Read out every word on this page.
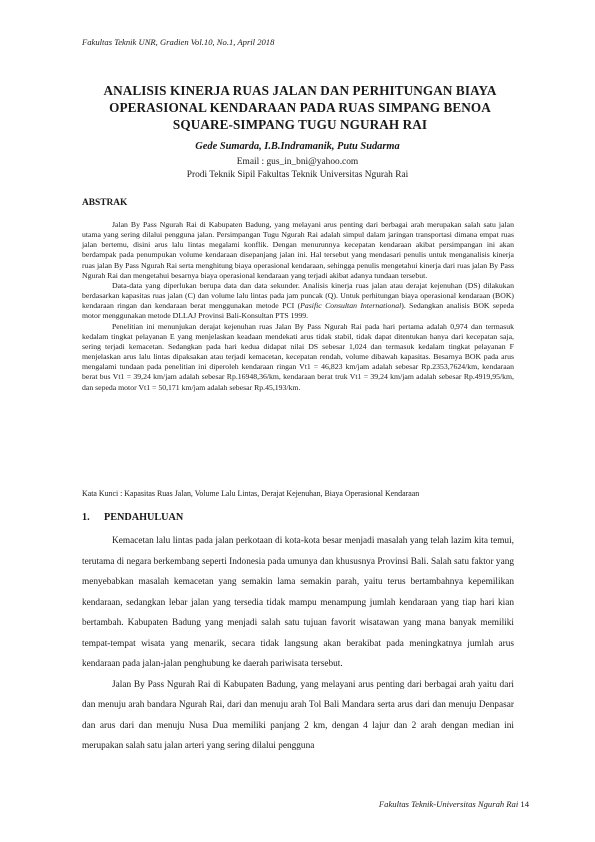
Fakultas Teknik UNR, Gradien Vol.10, No.1, April 2018
ANALISIS KINERJA RUAS JALAN DAN PERHITUNGAN BIAYA
OPERASIONAL KENDARAAN PADA RUAS SIMPANG BENOA
SQUARE-SIMPANG TUGU NGURAH RAI
Gede Sumarda, I.B.Indramanik, Putu Sudarma
Email : gus_in_bni@yahoo.com
Prodi Teknik Sipil Fakultas Teknik Universitas Ngurah Rai
ABSTRAK

Jalan By Pass Ngurah Rai di Kabupaten Badung, yang melayani arus penting dari berbagai arah merupakan salah satu jalan utama yang sering dilalui pengguna jalan. Persimpangan Tugu Ngurah Rai adalah simpul dalam jaringan transportasi dimana empat ruas jalan bertemu, disini arus lalu lintas megalami konflik. Dengan menurunnya kecepatan kendaraan akibat persimpangan ini akan berdampak pada penumpukan volume kendaraan disepanjang jalan ini. Hal tersebut yang mendasari penulis untuk menganalisis kinerja ruas jalan By Pass Ngurah Rai serta menghitung biaya operasional kendaraan, sehingga penulis mengetahui kinerja dari ruas jalan By Pass Ngurah Rai dan mengetahui besarnya biaya operasional kendaraan yang terjadi akibat adanya tundaan tersebut.

Data-data yang diperlukan berupa data dan data sekunder. Analisis kinerja ruas jalan atau derajat kejenuhan (DS) dilakukan berdasarkan kapasitas ruas jalan (C) dan volume lalu lintas pada jam puncak (Q). Untuk perhitungan biaya operasional kendaraan (BOK) kendaraan ringan dan kendaraan berat menggunakan metode PCI (Pasific Consultan International). Sedangkan analisis BOK sepeda motor menggunakan metode DLLAJ Provinsi Bali-Konsultan PTS 1999.

Penelitian ini menunjukan derajat kejenuhan ruas Jalan By Pass Ngurah Rai pada hari pertama adalah 0,974 dan termasuk kedalam tingkat pelayanan E yang menjelaskan keadaan mendekati arus tidak stabil, tidak dapat ditentukan hanya dari kecepatan saja, sering terjadi kemacetan. Sedangkan pada hari kedua didapat nilai DS sebesar 1,024 dan termasuk kedalam tingkat pelayanan F menjelaskan arus lalu lintas dipaksakan atau terjadi kemacetan, kecepatan rendah, volume dibawah kapasitas. Besarnya BOK pada arus mengalami tundaan pada penelitian ini diperoleh kendaraan ringan Vt1 = 46,823 km/jam adalah sebesar Rp.2353,7624/km, kendaraan berat bus Vt1 = 39,24 km/jam adalah sebesar Rp.16948,36/km, kendaraan berat truk Vt1 = 39,24 km/jam adalah sebesar Rp.4919,95/km, dan sepeda motor Vt1 = 50,171 km/jam adalah sebesar Rp.45,193/km.

Kata Kunci : Kapasitas Ruas Jalan, Volume Lalu Lintas, Derajat Kejenuhan, Biaya Operasional Kendaraan
1. PENDAHULUAN

Kemacetan lalu lintas pada jalan perkotaan di kota-kota besar menjadi masalah yang telah lazim kita temui, terutama di negara berkembang seperti Indonesia pada umunya dan khususnya Provinsi Bali. Salah satu faktor yang menyebabkan masalah kemacetan yang semakin lama semakin parah, yaitu terus bertambahnya kepemilikan kendaraan, sedangkan lebar jalan yang tersedia tidak mampu menampung jumlah kendaraan yang tiap hari kian bertambah. Kabupaten Badung yang menjadi salah satu tujuan favorit wisatawan yang mana banyak memiliki tempat-tempat wisata yang menarik, secara tidak langsung akan berakibat pada meningkatnya jumlah arus kendaraan pada jalan-jalan penghubung ke daerah pariwisata tersebut.

Jalan By Pass Ngurah Rai di Kabupaten Badung, yang melayani arus penting dari berbagai arah yaitu dari dan menuju arah bandara Ngurah Rai, dari dan menuju arah Tol Bali Mandara serta arus dari dan menuju Denpasar dan arus dari dan menuju Nusa Dua memiliki panjang 2 km, dengan 4 lajur dan 2 arah dengan median ini merupakan salah satu jalan arteri yang sering dilalui pengguna

Fakultas Teknik-Universitas Ngurah Rai 14
